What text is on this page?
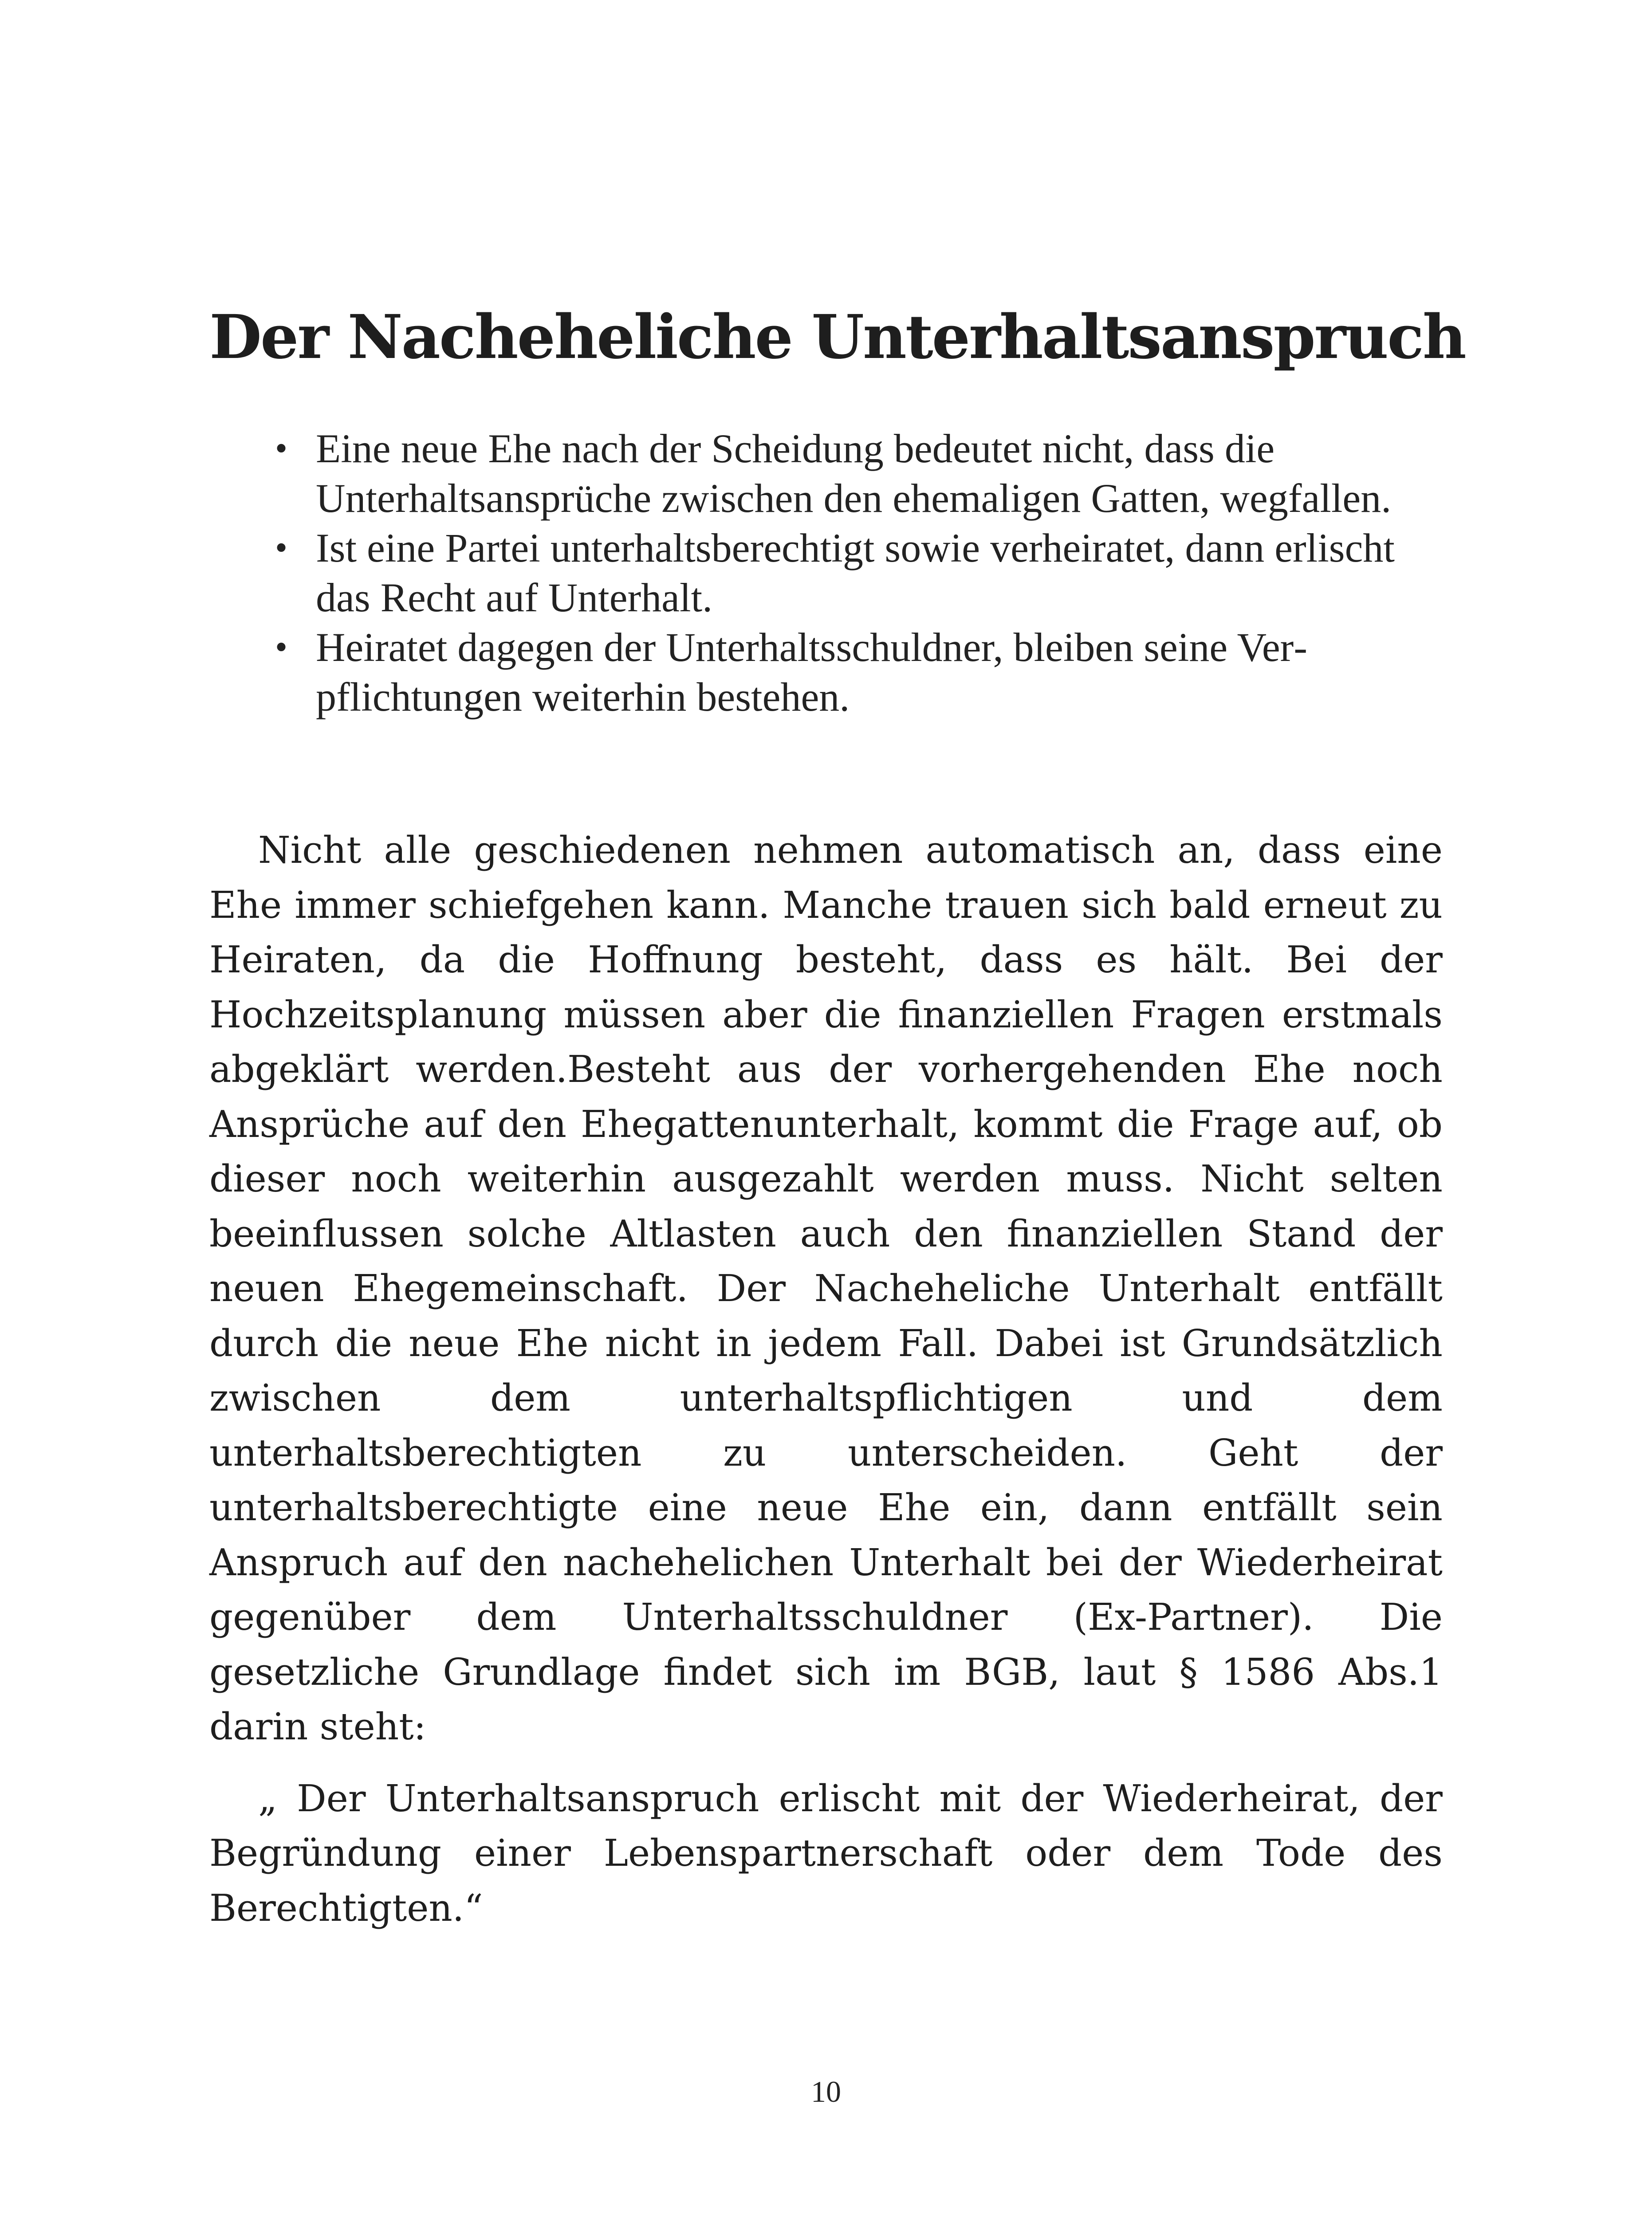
Der Nacheheliche Unterhaltsanspruch
• Eine neue Ehe nach der Scheidung bedeutet nicht, dass die Unterhaltsansprüche zwischen den ehemaligen Gatten, wegfallen.
• Ist eine Partei unterhaltsberechtigt sowie verheiratet, dann erlischt das Recht auf Unterhalt.
• Heiratet dagegen der Unterhaltsschuldner, bleiben seine Verpflichtungen weiterhin bestehen.

Nicht alle geschiedenen nehmen automatisch an, dass eine Ehe immer schiefgehen kann. Manche trauen sich bald erneut zu Heiraten, da die Hoffnung besteht, dass es hält. Bei der Hochzeitsplanung müssen aber die finanziellen Fragen erstmals abgeklärt werden.Besteht aus der vorhergehenden Ehe noch Ansprüche auf den Ehegattenunterhalt, kommt die Frage auf, ob dieser noch weiterhin ausgezahlt werden muss. Nicht selten beeinflussen solche Altlasten auch den finanziellen Stand der neuen Ehegemeinschaft. Der Nacheheliche Unterhalt entfällt durch die neue Ehe nicht in jedem Fall. Dabei ist Grundsätzlich zwischen dem unterhaltspflichtigen und dem unterhaltsberechtigten zu unterscheiden. Geht der unterhaltsberechtigte eine neue Ehe ein, dann entfällt sein Anspruch auf den nachehelichen Unterhalt bei der Wiederheirat gegenüber dem Unterhaltsschuldner (Ex-Partner). Die gesetzliche Grundlage findet sich im BGB, laut § 1586 Abs.1 darin steht:

„ Der Unterhaltsanspruch erlischt mit der Wiederheirat, der Begründung einer Lebenspartnerschaft oder dem Tode des Berechtigten.“

10
